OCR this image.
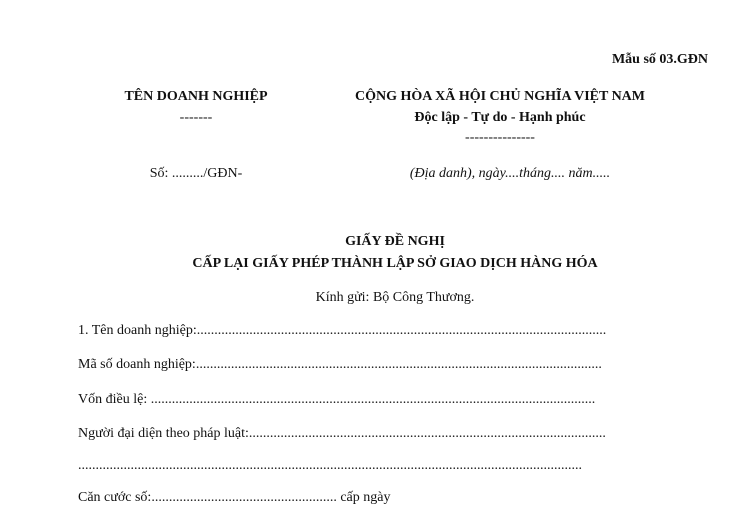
Mẫu số 03.GĐN
TÊN DOANH NGHIỆP
-------
Số: ........./GĐN-
CỘNG HÒA XÃ HỘI CHỦ NGHĨA VIỆT NAM
Độc lập - Tự do - Hạnh phúc
---------------
(Địa danh), ngày....tháng.... năm.....
GIẤY ĐỀ NGHỊ
CẤP LẠI GIẤY PHÉP THÀNH LẬP SỞ GIAO DỊCH HÀNG HÓA
Kính gửi: Bộ Công Thương.
1. Tên doanh nghiệp:.....................................................................................................................
Mã số doanh nghiệp:....................................................................................................................
Vốn điều lệ: ...............................................................................................................................
Người đại diện theo pháp luật:......................................................................................................
................................................................................................................................................
Căn cước số:..................................................... cấp ngày
